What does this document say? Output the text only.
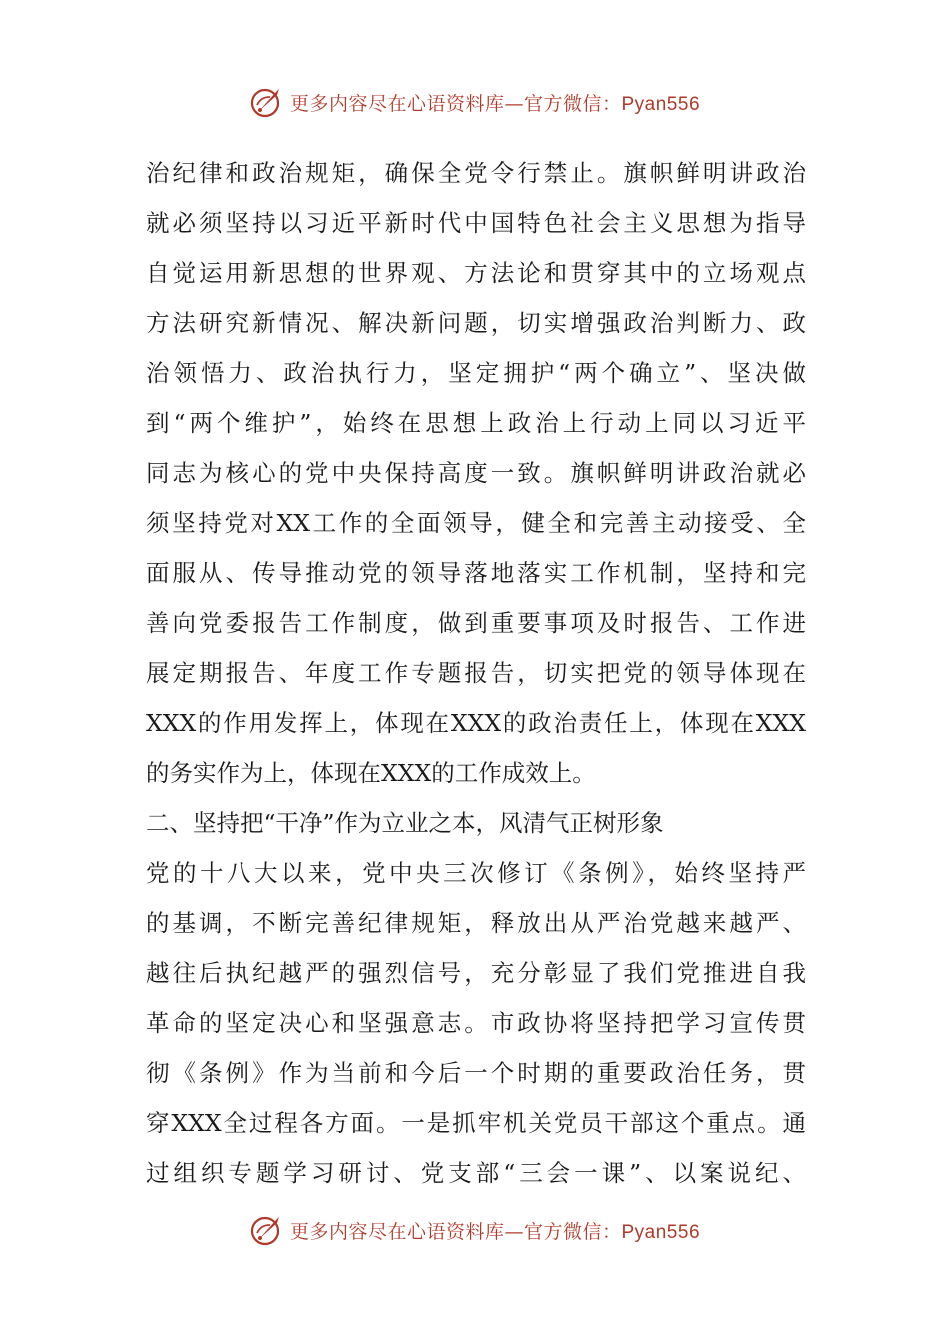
更多内容尽在心语资料库—官方微信：Pyan556
治纪律和政治规矩，确保全党令行禁止。旗帜鲜明讲政治
就必须坚持以习近平新时代中国特色社会主义思想为指导
自觉运用新思想的世界观、方法论和贯穿其中的立场观点
方法研究新情况、解决新问题，切实增强政治判断力、政
治领悟力、政治执行力，坚定拥护“两个确立”、坚决做
到“两个维护”，始终在思想上政治上行动上同以习近平
同志为核心的党中央保持高度一致。旗帜鲜明讲政治就必
须坚持党对XX工作的全面领导，健全和完善主动接受、全
面服从、传导推动党的领导落地落实工作机制，坚持和完
善向党委报告工作制度，做到重要事项及时报告、工作进
展定期报告、年度工作专题报告，切实把党的领导体现在
XXX的作用发挥上，体现在XXX的政治责任上，体现在XXX
的务实作为上，体现在XXX的工作成效上。
二、坚持把“干净”作为立业之本，风清气正树形象
党的十八大以来，党中央三次修订《条例》，始终坚持严
的基调，不断完善纪律规矩，释放出从严治党越来越严、
越往后执纪越严的强烈信号，充分彰显了我们党推进自我
革命的坚定决心和坚强意志。市政协将坚持把学习宣传贯
彻《条例》作为当前和今后一个时期的重要政治任务，贯
穿XXX全过程各方面。一是抓牢机关党员干部这个重点。通
过组织专题学习研讨、党支部“三会一课”、以案说纪、
更多内容尽在心语资料库—官方微信：Pyan556
